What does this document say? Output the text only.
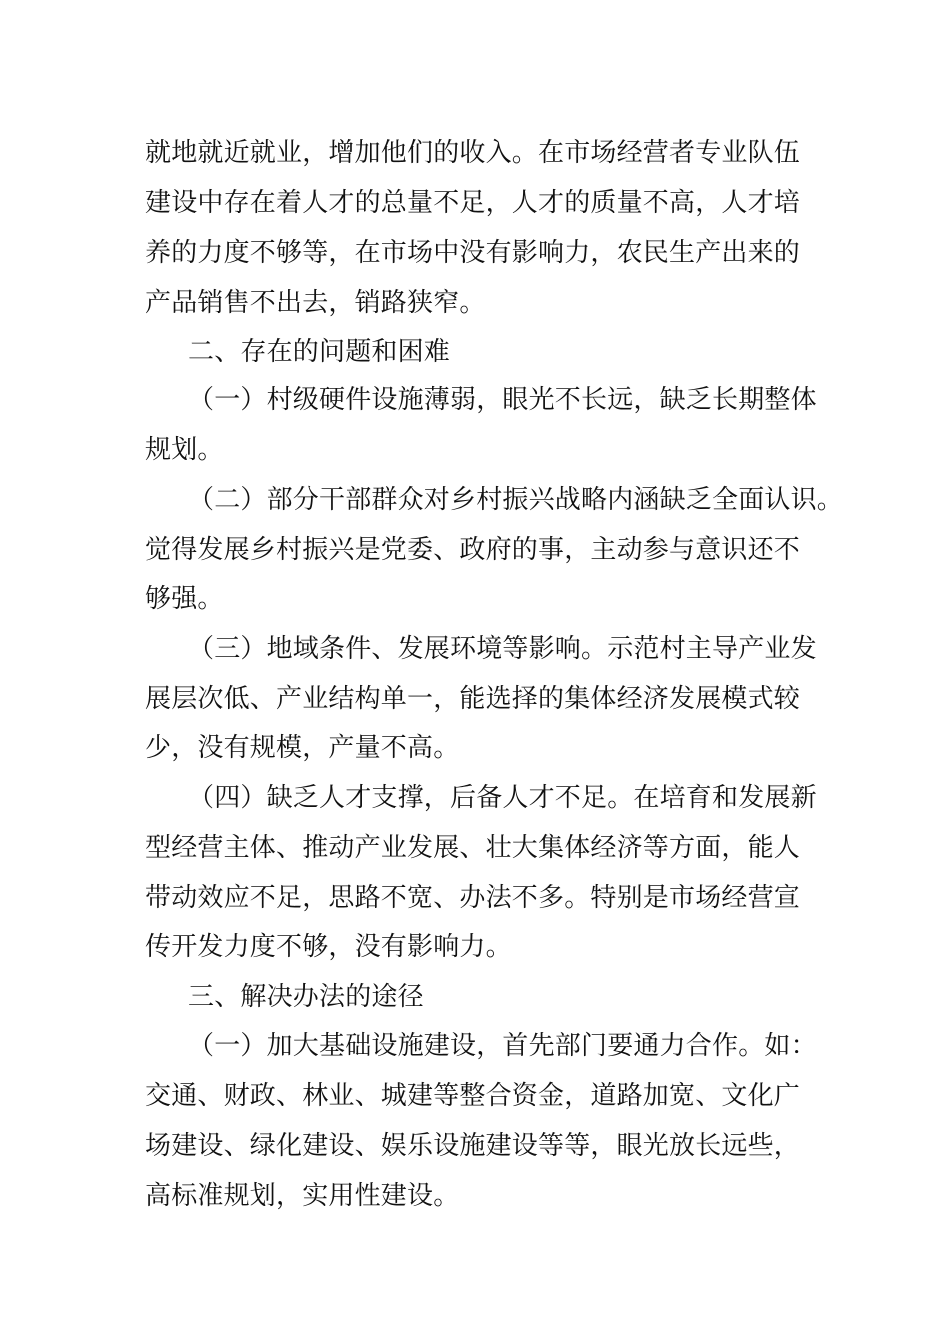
就地就近就业，增加他们的收入。在市场经营者专业队伍

建设中存在着人才的总量不足，人才的质量不高，人才培

养的力度不够等，在市场中没有影响力，农民生产出来的

产品销售不出去，销路狭窄。

二、存在的问题和困难

（一）村级硬件设施薄弱，眼光不长远，缺乏长期整体

规划。

（二）部分干部群众对乡村振兴战略内涵缺乏全面认识。

觉得发展乡村振兴是党委、政府的事，主动参与意识还不

够强。

（三）地域条件、发展环境等影响。示范村主导产业发

展层次低、产业结构单一，能选择的集体经济发展模式较

少，没有规模，产量不高。

（四）缺乏人才支撑，后备人才不足。在培育和发展新

型经营主体、推动产业发展、壮大集体经济等方面，能人

带动效应不足，思路不宽、办法不多。特别是市场经营宣

传开发力度不够，没有影响力。

三、解决办法的途径

（一）加大基础设施建设，首先部门要通力合作。如：

交通、财政、林业、城建等整合资金，道路加宽、文化广

场建设、绿化建设、娱乐设施建设等等，眼光放长远些，

高标准规划，实用性建设。
